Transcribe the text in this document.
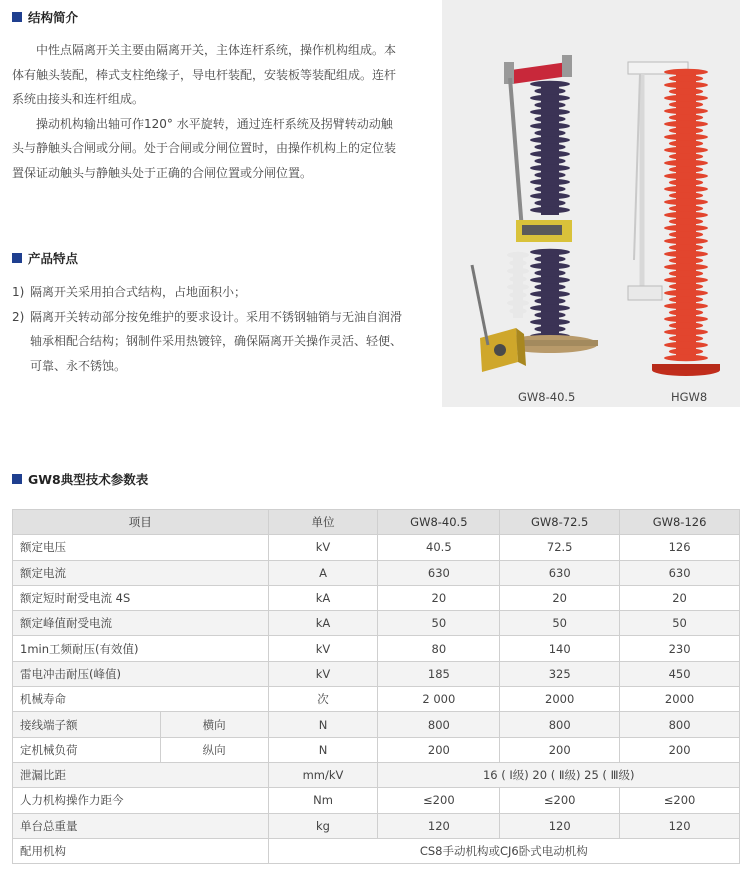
结构简介

中性点隔离开关主要由隔离开关，主体连杆系统，操作机构组成。本体有触头装配，棒式支柱绝缘子，导电杆装配，安装板等装配组成。连杆系统由接头和连杆组成。

操动机构输出轴可作120° 水平旋转，通过连杆系统及拐臂转动动触头与静触头合闸或分闸。处于合闸或分闸位置时，由操作机构上的定位装置保证动触头与静触头处于正确的合闸位置或分闸位置。

产品特点
1) 隔离开关采用拍合式结构，占地面积小；
2) 隔离开关转动部分按免维护的要求设计。采用不锈钢轴销与无油自润滑轴承相配合结构；钢制件采用热镀锌，确保隔离开关操作灵活、轻便、可靠、永不锈蚀。
GW8-40.5	HGW8
GW8典型技术参数表
项目		单位	GW8-40.5	GW8-72.5	GW8-126
额定电压		kV	40.5	72.5	126
额定电流		A	630	630	630
额定短时耐受电流 4S		kA	20	20	20
额定峰值耐受电流		kA	50	50	50
1min工频耐压(有效值)		kV	80	140	230
雷电冲击耐压(峰值)		kV	185	325	450
机械寿命		次	2 000	2000	2000
接线端子额	横向	N	800	800	800
定机械负荷	纵向	N	200	200	200
泄漏比距		mm/kV	16 ( Ⅰ级) 20 ( Ⅱ级) 25 ( Ⅲ级)		
人力机构操作力距今		Nm	≤200	≤200	≤200
单台总重量		kg	120	120	120
配用机构		CS8手动机构或CJ6卧式电动机构			
